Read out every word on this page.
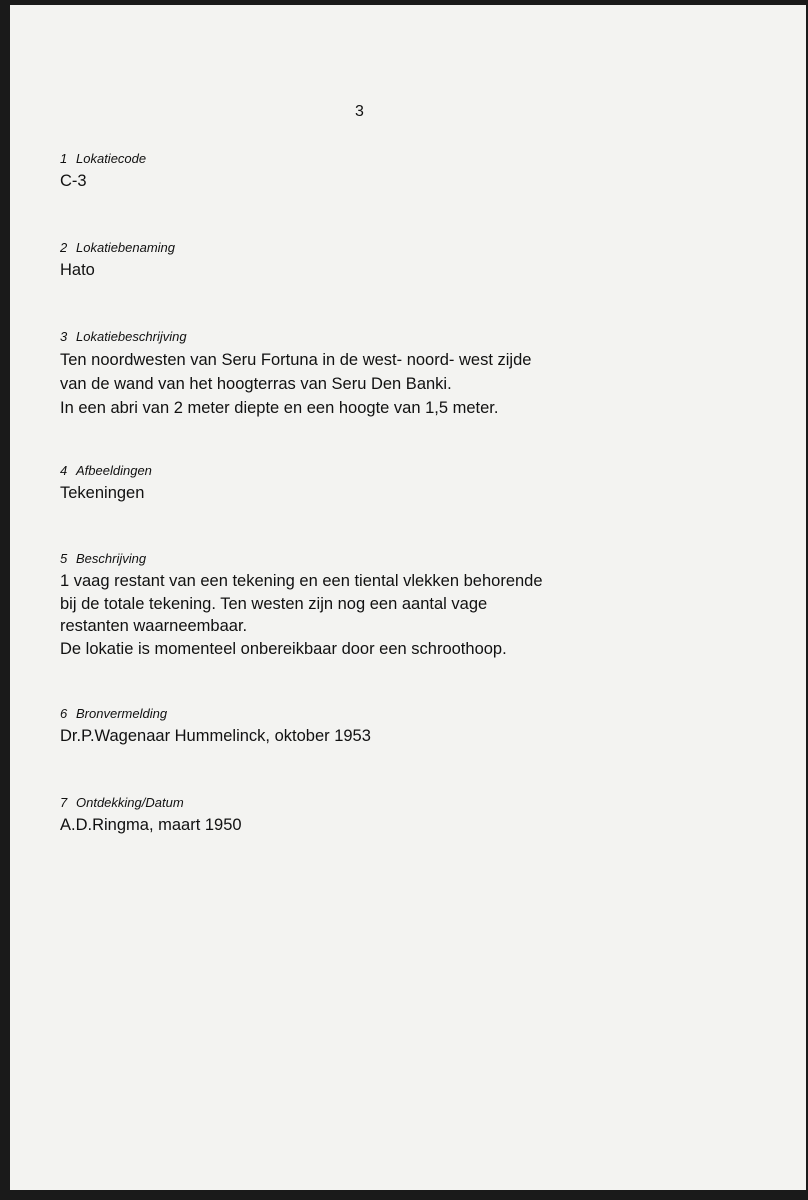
3
1 Lokatiecode
C-3
2 Lokatiebenaming
Hato
3 Lokatiebeschrijving
Ten noordwesten van Seru Fortuna in de west- noord- west zijde
van de wand van het hoogterras van Seru Den Banki.
In een abri van 2 meter diepte en een hoogte van 1,5 meter.
4 Afbeeldingen
Tekeningen
5 Beschrijving
1 vaag restant van een tekening en een tiental vlekken behorende
bij de totale tekening. Ten westen zijn nog een aantal vage
restanten waarneembaar.
De lokatie is momenteel onbereikbaar door een schroothoop.
6 Bronvermelding
Dr.P.Wagenaar Hummelinck, oktober 1953
7 Ontdekking/Datum
A.D.Ringma, maart 1950
